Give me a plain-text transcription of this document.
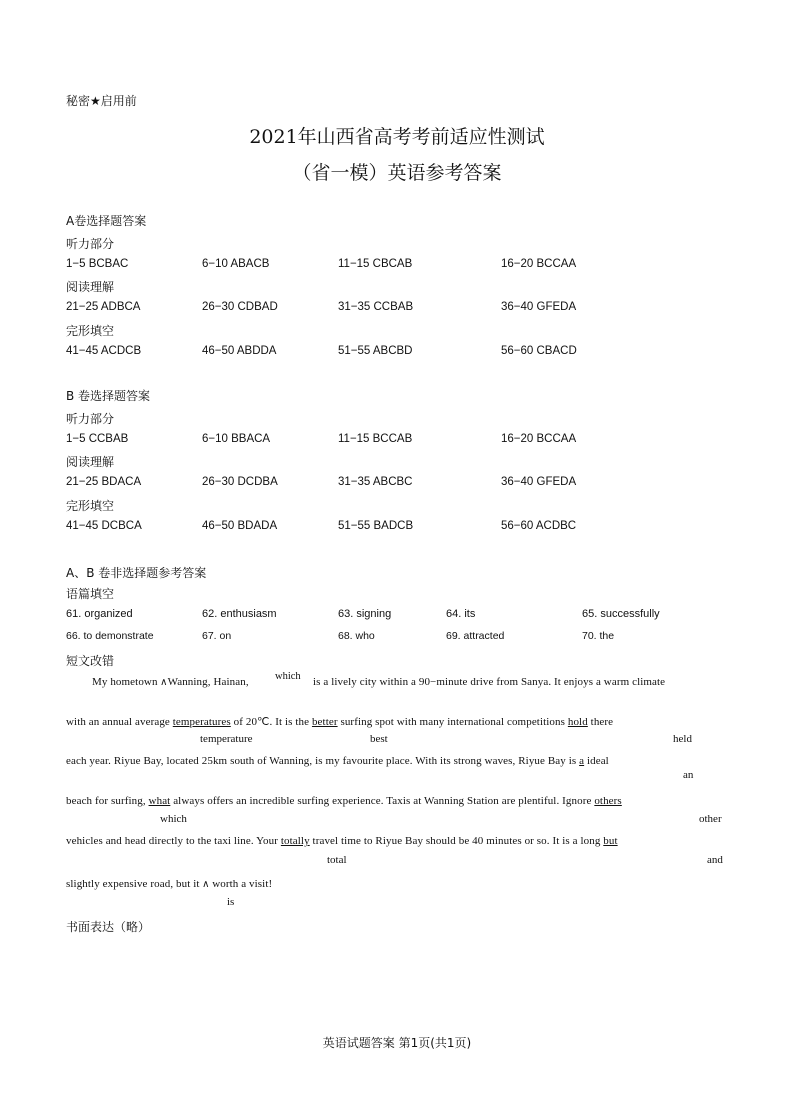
秘密★启用前
2021年山西省高考考前适应性测试
（省一模）英语参考答案
A卷选择题答案
听力部分
1−5 BCBAC	6−10 ABACB	11−15 CBCAB	16−20 BCCAA
阅读理解
21−25 ADBCA	26−30 CDBAD	31−35 CCBAB	36−40 GFEDA
完形填空
41−45 ACDCB	46−50 ABDDA	51−55 ABCBD	56−60 CBACD
B 卷选择题答案
听力部分
1−5 CCBAB	6−10 BBACA	11−15 BCCAB	16−20 BCCAA
阅读理解
21−25 BDACA	26−30 DCDBA	31−35 ABCBC	36−40 GFEDA
完形填空
41−45 DCBCA	46−50 BDADA	51−55 BADCB	56−60 ACDBC
A、B 卷非选择题参考答案
语篇填空
61. organized	62. enthusiasm	63. signing	64. its	65. successfully
66. to demonstrate	67. on	68. who	69. attracted	70. the
短文改错
My hometown ∧Wanning, Hainan,	which is a lively city within a 90−minute drive from Sanya. It enjoys a warm climate
with an annual average temperatures of 20℃. It is the better surfing spot with many international competitions hold there
temperature	best	held
each year. Riyue Bay, located 25km south of Wanning, is my favourite place. With its strong waves, Riyue Bay is a ideal
an
beach for surfing, what always offers an incredible surfing experience. Taxis at Wanning Station are plentiful. Ignore others
which	other
vehicles and head directly to the taxi line. Your totally travel time to Riyue Bay should be 40 minutes or so. It is a long but
total	and
slightly expensive road, but it ∧ worth a visit!
is
书面表达（略）
英语试题答案 第1页(共1页)
